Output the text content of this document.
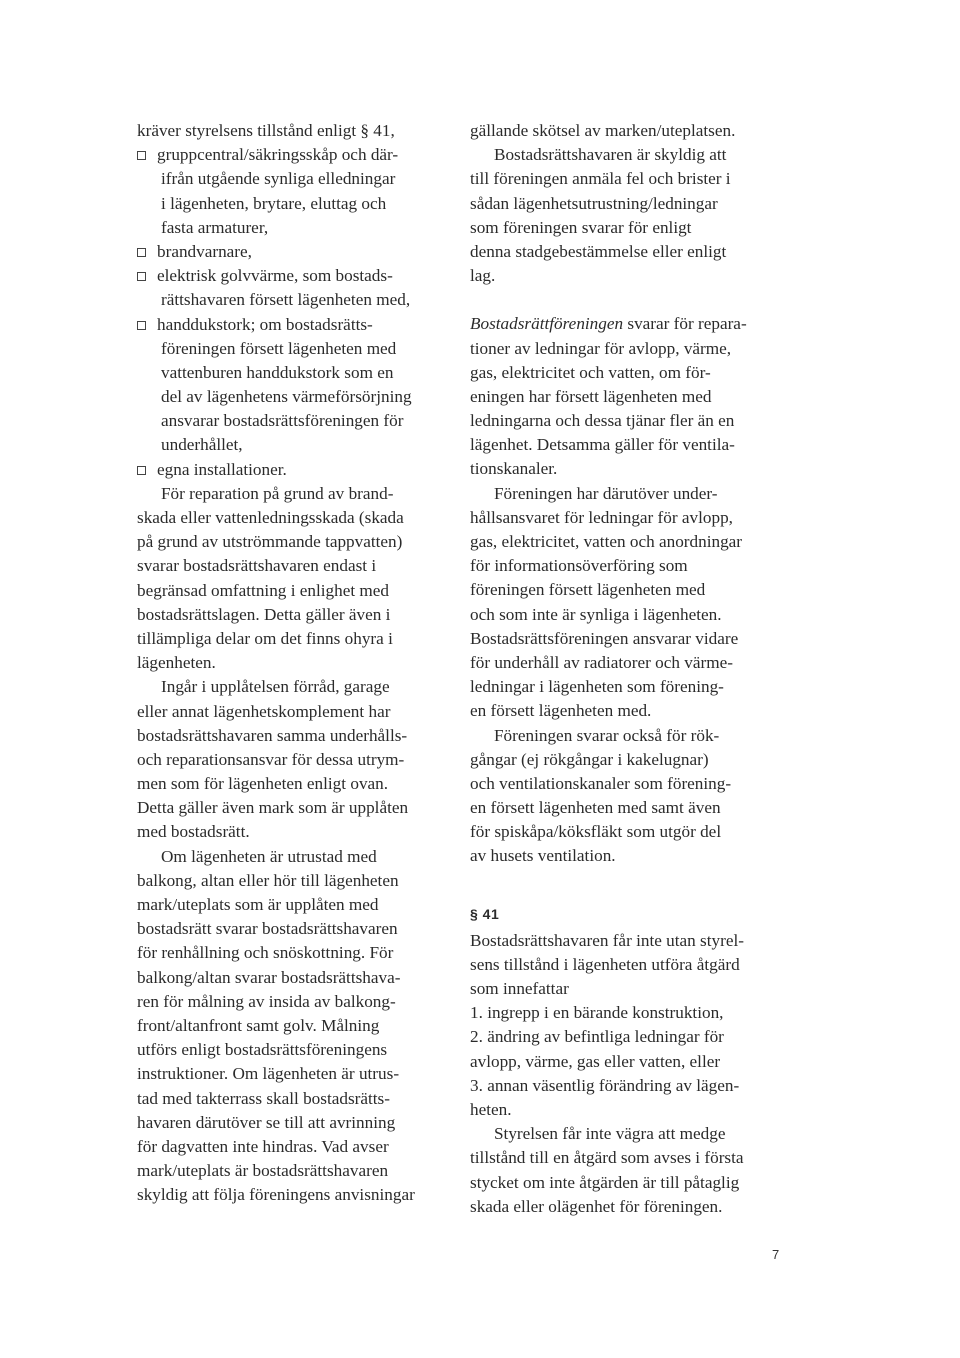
kräver styrelsens tillstånd enligt § 41,
gruppcentral/säkringsskåp och där-
ifrån utgående synliga elledningar
i lägenheten, brytare, eluttag och
fasta armaturer,
brandvarnare,
elektrisk golvvärme, som bostads-
rättshavaren försett lägenheten med,
handdukstork; om bostadsrätts-
föreningen försett lägenheten med
vattenburen handdukstork som en
del av lägenhetens värmeförsörjning
ansvarar bostadsrättsföreningen för
underhållet,
egna installationer.
För reparation på grund av brand-
skada eller vattenledningsskada (skada
på grund av utströmmande tappvatten)
svarar bostadsrättshavaren endast i
begränsad omfattning i enlighet med
bostadsrättslagen. Detta gäller även i
tillämpliga delar om det finns ohyra i
lägenheten.
Ingår i upplåtelsen förråd, garage
eller annat lägenhetskomplement har
bostadsrättshavaren samma underhålls-
och reparationsansvar för dessa utrym-
men som för lägenheten enligt ovan.
Detta gäller även mark som är upplåten
med bostadsrätt.
Om lägenheten är utrustad med
balkong, altan eller hör till lägenheten
mark/uteplats som är upplåten med
bostadsrätt svarar bostadsrättshavaren
för renhållning och snöskottning. För
balkong/altan svarar bostadsrättshava-
ren för målning av insida av balkong-
front/altanfront samt golv. Målning
utförs enligt bostadsrättsföreningens
instruktioner. Om lägenheten är utrus-
tad med takterrass skall bostadsrätts-
havaren därutöver se till att avrinning
för dagvatten inte hindras. Vad avser
mark/uteplats är bostadsrättshavaren
skyldig att följa föreningens anvisningar
gällande skötsel av marken/uteplatsen.
Bostadsrättshavaren är skyldig att
till föreningen anmäla fel och brister i
sådan lägenhetsutrustning/ledningar
som föreningen svarar för enligt
denna stadgebestämmelse eller enligt
lag.
Bostadsrättföreningen svarar för repara-
tioner av ledningar för avlopp, värme,
gas, elektricitet och vatten, om för-
eningen har försett lägenheten med
ledningarna och dessa tjänar fler än en
lägenhet. Detsamma gäller för ventila-
tionskanaler.
Föreningen har därutöver under-
hållsansvaret för ledningar för avlopp,
gas, elektricitet, vatten och anordningar
för informationsöverföring som
föreningen försett lägenheten med
och som inte är synliga i lägenheten.
Bostadsrättsföreningen ansvarar vidare
för underhåll av radiatorer och värme-
ledningar i lägenheten som förening-
en försett lägenheten med.
Föreningen svarar också för rök-
gångar (ej rökgångar i kakelugnar)
och ventilationskanaler som förening-
en försett lägenheten med samt även
för spiskåpa/köksfläkt som utgör del
av husets ventilation.
§ 41
Bostadsrättshavaren får inte utan styrel-
sens tillstånd i lägenheten utföra åtgärd
som innefattar
1. ingrepp i en bärande konstruktion,
2. ändring av befintliga ledningar för
avlopp, värme, gas eller vatten, eller
3. annan väsentlig förändring av lägen-
heten.
Styrelsen får inte vägra att medge
tillstånd till en åtgärd som avses i första
stycket om inte åtgärden är till påtaglig
skada eller olägenhet för föreningen.
7
